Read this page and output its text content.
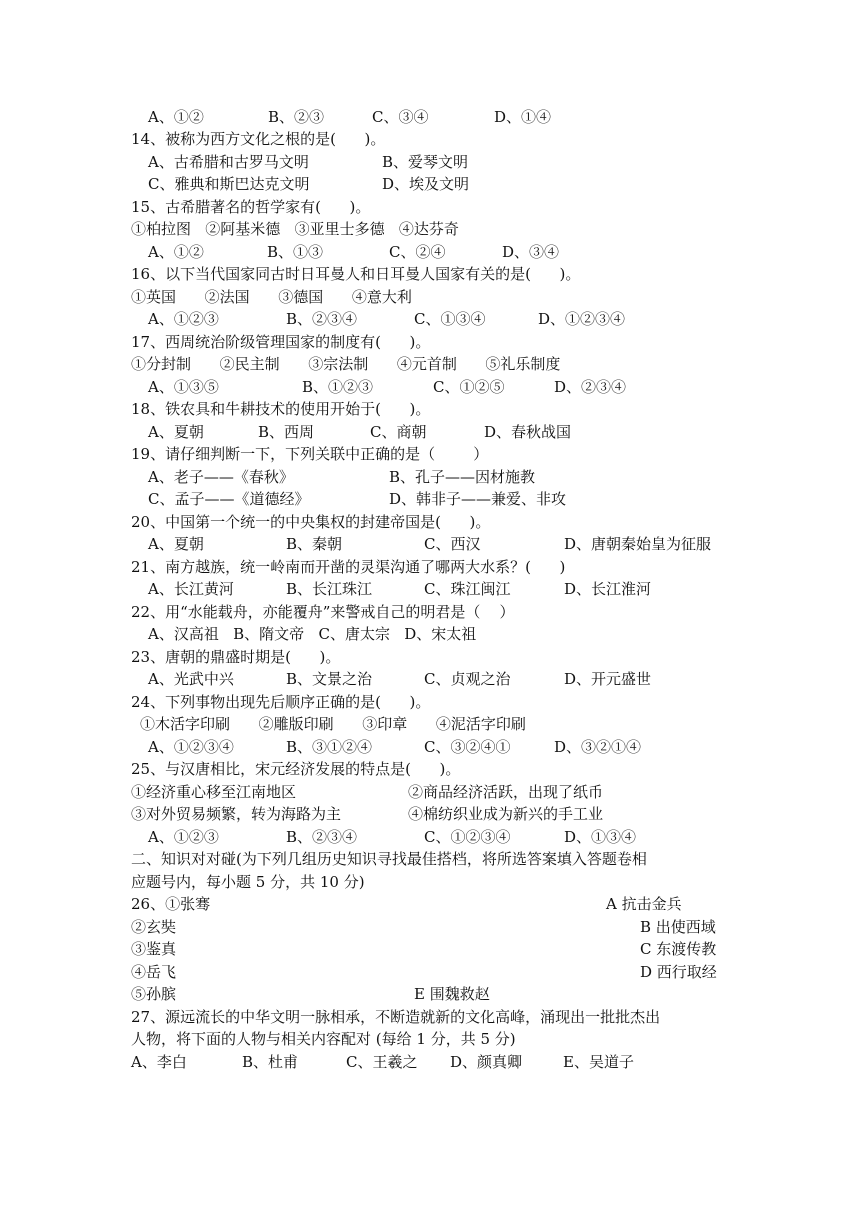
A、①②	B、②③	C、③④	D、①④
14、被称为西方文化之根的是(      )。
A、古希腊和古罗马文明	B、爱琴文明
C、雅典和斯巴达克文明	D、埃及文明
15、古希腊著名的哲学家有(      )。
①柏拉图   ②阿基米德   ③亚里士多德   ④达芬奇
A、①②	B、①③	C、②④	D、③④
16、以下当代国家同古时日耳曼人和日耳曼人国家有关的是(      )。
①英国      ②法国      ③德国      ④意大利
A、①②③	B、②③④	C、①③④	D、①②③④
17、西周统治阶级管理国家的制度有(      )。
①分封制      ②民主制      ③宗法制      ④元首制      ⑤礼乐制度
A、①③⑤	B、①②③	C、①②⑤	D、②③④
18、铁农具和牛耕技术的使用开始于(      )。
A、夏朝	B、西周	C、商朝	D、春秋战国
19、请仔细判断一下，下列关联中正确的是（        ）
A、老子——《春秋》	B、孔子——因材施教
C、孟子——《道德经》	D、韩非子——兼爱、非攻
20、中国第一个统一的中央集权的封建帝国是(      )。
A、夏朝	B、秦朝	C、西汉	D、唐朝秦始皇为征服
21、南方越族，统一岭南而开凿的灵渠沟通了哪两大水系？(      )
A、长江黄河	B、长江珠江	C、珠江闽江	D、长江淮河
22、用“水能载舟，亦能覆舟”来警戒自己的明君是（    ）
A、汉高祖   B、隋文帝   C、唐太宗   D、宋太祖
23、唐朝的鼎盛时期是(      )。
A、光武中兴	B、文景之治	C、贞观之治	D、开元盛世
24、下列事物出现先后顺序正确的是(      )。
①木活字印刷      ②雕版印刷      ③印章      ④泥活字印刷
A、①②③④	B、③①②④	C、③②④①	D、③②①④
25、与汉唐相比，宋元经济发展的特点是(      )。
①经济重心移至江南地区	②商品经济活跃，出现了纸币
③对外贸易频繁，转为海路为主	④棉纺织业成为新兴的手工业
A、①②③	B、②③④	C、①②③④	D、①③④
二、知识对对碰(为下列几组历史知识寻找最佳搭档，将所选答案填入答题卷相
应题号内，每小题 5 分，共 10 分)
26、①张骞	A 抗击金兵
②玄奘	B 出使西域
③鉴真	C 东渡传教
④岳飞	D 西行取经
⑤孙膑	E 围魏救赵
27、源远流长的中华文明一脉相承，不断造就新的文化高峰，涌现出一批批杰出
人物，将下面的人物与相关内容配对 (每给 1 分，共 5 分)
A、李白	B、杜甫	C、王羲之 D、颜真卿	E、吴道子
